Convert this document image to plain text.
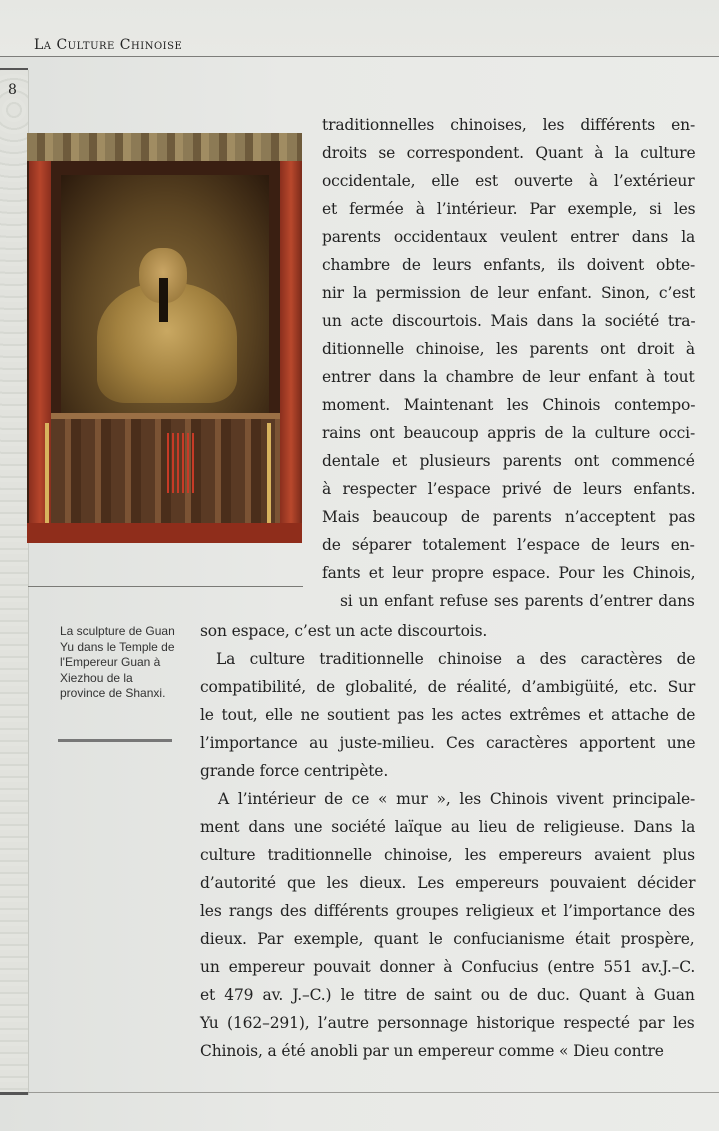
La Culture Chinoise
8
La sculpture de Guan Yu dans le Temple de l'Empereur Guan à Xiezhou de la province de Shanxi.
traditionnelles chinoises, les différents en-
droits se correspondent. Quant à la culture
occidentale, elle est ouverte à l’extérieur
et fermée à l’intérieur. Par exemple, si les
parents occidentaux veulent entrer dans la
chambre de leurs enfants, ils doivent obte-
nir la permission de leur enfant. Sinon, c’est
un acte discourtois. Mais dans la société tra-
ditionnelle chinoise, les parents ont droit à
entrer dans la chambre de leur enfant à tout
moment. Maintenant les Chinois contempo-
rains ont beaucoup appris de la culture occi-
dentale et plusieurs parents ont commencé
à respecter l’espace privé de leurs enfants.
Mais beaucoup de parents n’acceptent pas
de séparer totalement l’espace de leurs en-
fants et leur propre espace. Pour les Chinois,
si un enfant refuse ses parents d’entrer dans
son espace, c’est un acte discourtois.
La culture traditionnelle chinoise a des caractères de
compatibilité, de globalité, de réalité, d’ambigüité, etc. Sur
le tout, elle ne soutient pas les actes extrêmes et attache de
l’importance au juste-milieu. Ces caractères apportent une
grande force centripète.
A l’intérieur de ce « mur », les Chinois vivent principale-
ment dans une société laïque au lieu de religieuse. Dans la
culture traditionnelle chinoise, les empereurs avaient plus
d’autorité que les dieux. Les empereurs pouvaient décider
les rangs des différents groupes religieux et l’importance des
dieux. Par exemple, quant le confucianisme était prospère,
un empereur pouvait donner à Confucius (entre 551 av.J.–C.
et 479 av. J.–C.) le titre de saint ou de duc. Quant à Guan
Yu (162–291), l’autre personnage historique respecté par les
Chinois, a été anobli par un empereur comme « Dieu contre
